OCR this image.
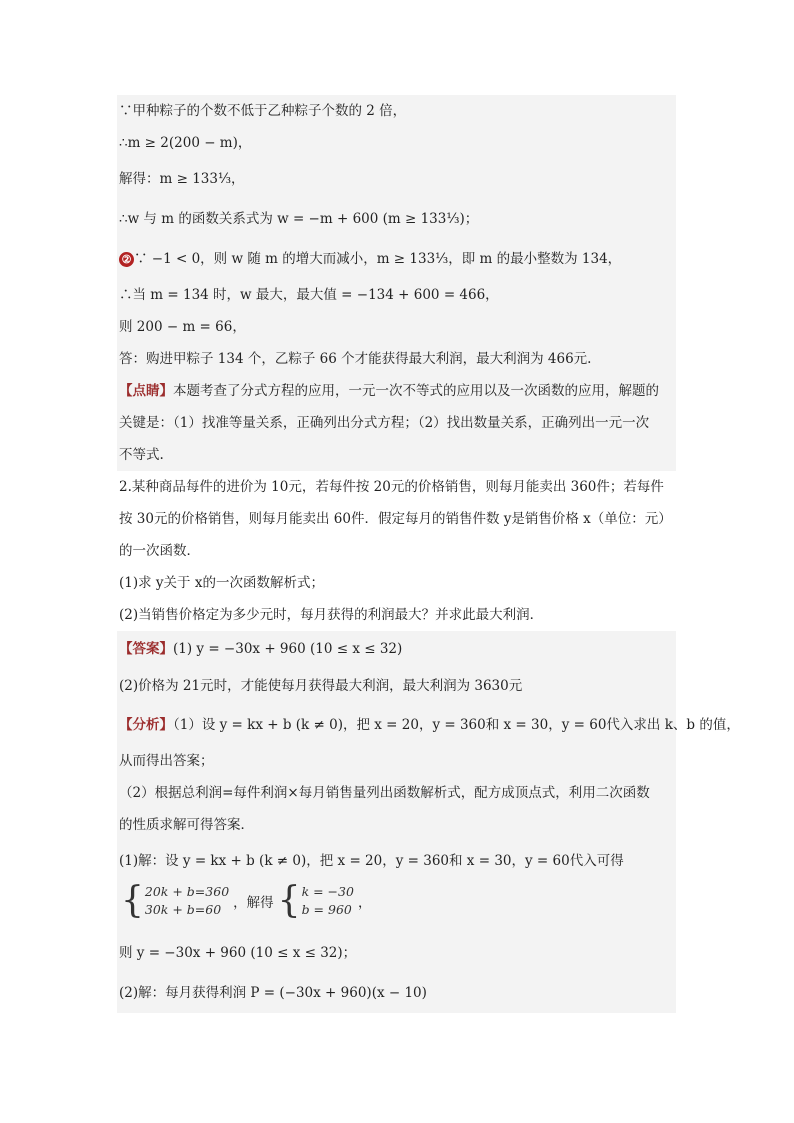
∵甲种粽子的个数不低于乙种粽子个数的 2 倍，
∴m ≥ 2(200 − m)，
解得：m ≥ 133⅓，
∴w 与 m 的函数关系式为 w = −m + 600 (m ≥ 133⅓)；
② ∵ −1 < 0，则 w 随 m 的增大而减小，m ≥ 133⅓，即 m 的最小整数为 134，
∴当 m = 134 时，w 最大，最大值 = −134 + 600 = 466，
则 200 − m = 66，
答：购进甲粽子 134 个，乙粽子 66 个才能获得最大利润，最大利润为 466元.
【点睛】本题考查了分式方程的应用，一元一次不等式的应用以及一次函数的应用，解题的
关键是：（1）找准等量关系，正确列出分式方程；（2）找出数量关系，正确列出一元一次
不等式.
2.某种商品每件的进价为 10元，若每件按 20元的价格销售，则每月能卖出 360件；若每件
按 30元的价格销售，则每月能卖出 60件．假定每月的销售件数 y是销售价格 x（单位：元）
的一次函数．
(1)求 y关于 x的一次函数解析式；
(2)当销售价格定为多少元时，每月获得的利润最大？并求此最大利润．
【答案】(1) y = −30x + 960 (10 ≤ x ≤ 32)
(2)价格为 21元时，才能使每月获得最大利润，最大利润为 3630元
【分析】（1）设 y = kx + b (k ≠ 0)，把 x = 20，y = 360和 x = 30，y = 60代入求出 k、b 的值，
从而得出答案；
（2）根据总利润=每件利润×每月销售量列出函数解析式，配方成顶点式，利用二次函数
的性质求解可得答案．
(1)解：设 y = kx + b (k ≠ 0)，把 x = 20，y = 360和 x = 30，y = 60代入可得
{ 20k + b=360
30k + b=60 ，解得 { k = −30
b = 960 ，
则 y = −30x + 960 (10 ≤ x ≤ 32)；
(2)解：每月获得利润 P = (−30x + 960)(x − 10)
